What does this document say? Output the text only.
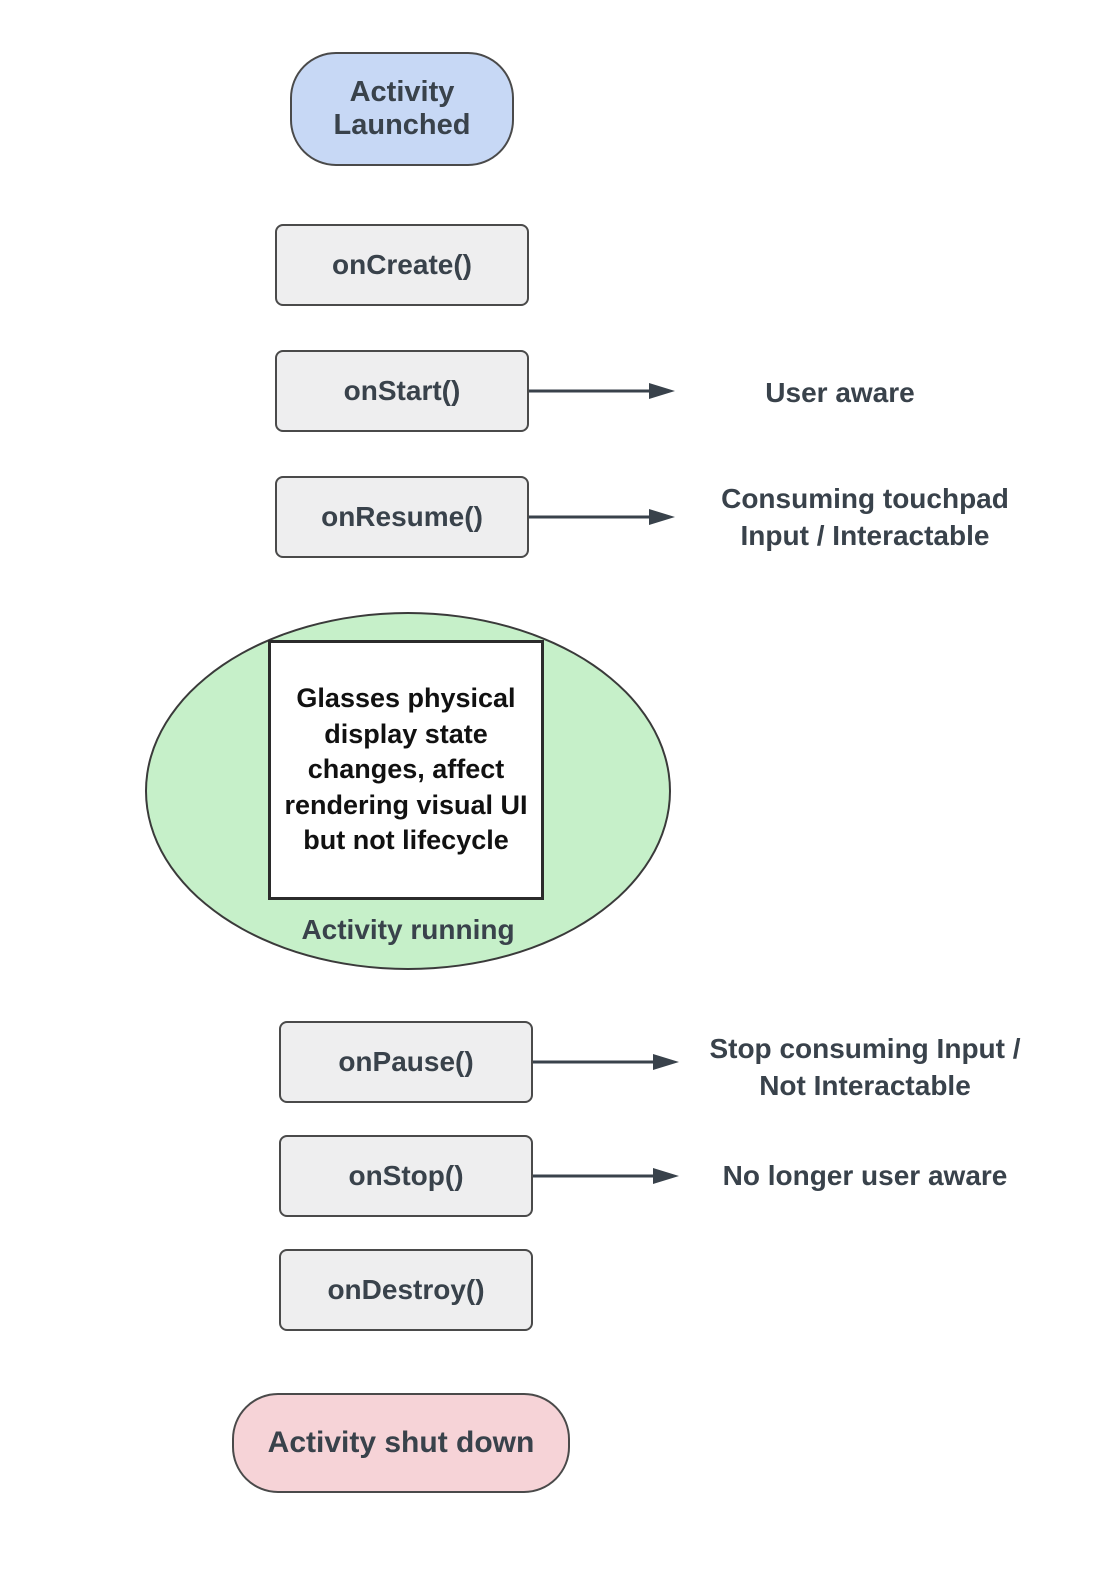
Activity Launched
onCreate()
onStart()	User aware
onResume()
Consuming touchpad Input / Interactable
Activity running
Glasses physical display state changes, affect rendering visual UI but not lifecycle
onPause()	Stop consuming Input / Not Interactable
onStop()	No longer user aware
onDestroy()
Activity shut down
